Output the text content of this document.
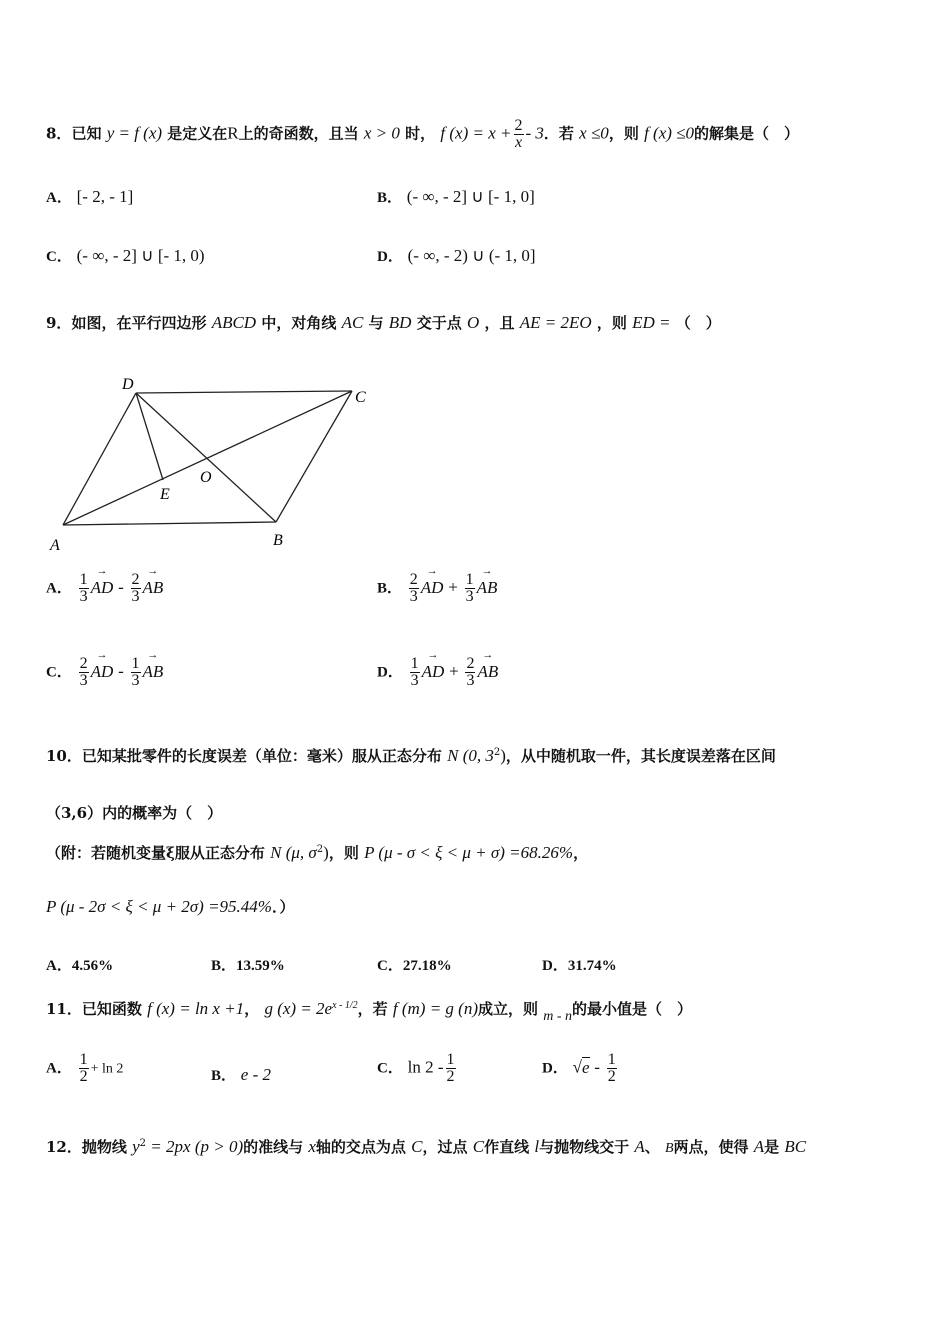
8．已知 y = f (x) 是定义在R上的奇函数，且当 x > 0 时， f $(x) = x + \frac{2}{x} - 3$．若 x ≤0，则 f (x) ≤0的解集是（　）
A． [- 2, - 1]	B． (- ∞, - 2] ∪ [- 1, 0]
C． (- ∞, - 2] ∪ [- 1, 0)	D． (- ∞, - 2) ∪ (- 1, 0]
9．如图，在平行四边形 ABCD 中，对角线 AC 与 BD 交于点 O ，且 AE = 2EO ，则 ED = （　）
A	B
C
D
E
O
A． $\frac{1}{3}$ → AD - $\frac{2}{3}$ → AB	B． $\frac{2}{3}$ → AD + $\frac{1}{3}$ → AB
C． $\frac{2}{3}$ → AD - $\frac{1}{3}$ → AB	D． $\frac{1}{3}$ → AD + $\frac{2}{3}$ → AB
10．已知某批零件的长度误差（单位：毫米）服从正态分布 N (0, $3^2$)，从中随机取一件，其长度误差落在区间
（3,6）内的概率为（　）
（附：若随机变量ξ服从正态分布 N (μ, $\sigma^2$)，则 P (μ - σ < ξ < μ + σ) =68.26%，
P (μ - 2σ < ξ < μ + 2σ) =95.44%．）
A．4.56%	B．13.59%	C．27.18%	D．31.74%
11．已知函数 f (x) = ln x +1， g $(x) = 2e^{x - 1/2}$，若 f (m) = g (n)成立，则 m - n的最小值是（　）
A． $\frac{1}{2} + \ln 2$	B． e - 2	C． $\ln 2 - \frac{1}{2}$	D． $√e - \frac{1}{2}$
12．抛物线 $y^2 = 2px$ (p > 0)的准线与 x轴的交点为点 C，过点 C作直线 l与抛物线交于 A、 B两点，使得 A是 BC
